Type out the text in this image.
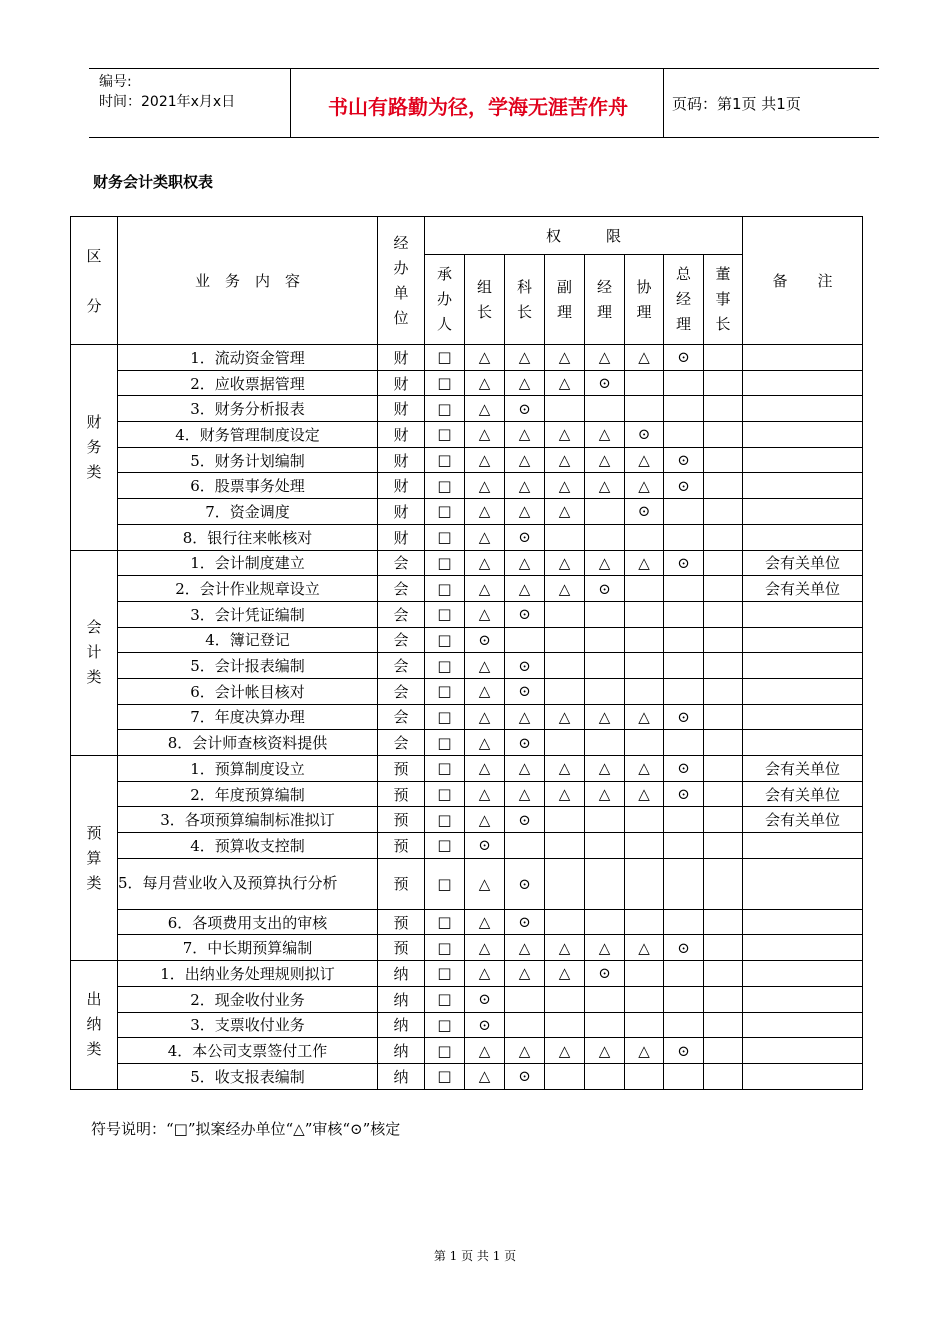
编号:
时间：2021年x月x日	书山有路勤为径，学海无涯苦作舟	页码：第1页 共1页
财务会计类职权表
区
分	业　务　内　容	经
办
单
位	权　　　限								备　　注

			承
办
人	组
长	科
长	副
理	经
理	协
理	总
经
理	董
事
长	

财
务
类	1．流动资金管理	财	□	△	△	△	△	△	⊙		
	2．应收票据管理	财	□	△	△	△	⊙				
	3．财务分析报表	财	□	△	⊙						
	4．财务管理制度设定	财	□	△	△	△	△	⊙			
	5．财务计划编制	财	□	△	△	△	△	△	⊙		
	6．股票事务处理	财	□	△	△	△	△	△	⊙		
	7．资金调度	财	□	△	△	△		⊙			
	8．银行往来帐核对	财	□	△	⊙						

会
计
类	1．会计制度建立	会	□	△	△	△	△	△	⊙		会有关单位
	2．会计作业规章设立	会	□	△	△	△	⊙				会有关单位
	3．会计凭证编制	会	□	△	⊙						
	4．簿记登记	会	□	⊙							
	5．会计报表编制	会	□	△	⊙						
	6．会计帐目核对	会	□	△	⊙						
	7．年度决算办理	会	□	△	△	△	△	△	⊙		
	8．会计师查核资料提供	会	□	△	⊙						

预
算
类	1．预算制度设立	预	□	△	△	△	△	△	⊙		会有关单位
	2．年度预算编制	预	□	△	△	△	△	△	⊙		会有关单位
	3．各项预算编制标准拟订	预	□	△	⊙						会有关单位
	4．预算收支控制	预	□	⊙							
	5．每月营业收入及预算执行分析	预	□	△	⊙						
	6．各项费用支出的审核	预	□	△	⊙						
	7．中长期预算编制	预	□	△	△	△	△	△	⊙		

出
纳
类	1．出纳业务处理规则拟订	纳	□	△	△	△	⊙				
	2．现金收付业务	纳	□	⊙							
	3．支票收付业务	纳	□	⊙							
	4．本公司支票签付工作	纳	□	△	△	△	△	△	⊙		
	5．收支报表编制	纳	□	△	⊙						
符号说明：“□”拟案经办单位“△”审核“⊙”核定
第 1 页 共 1 页
